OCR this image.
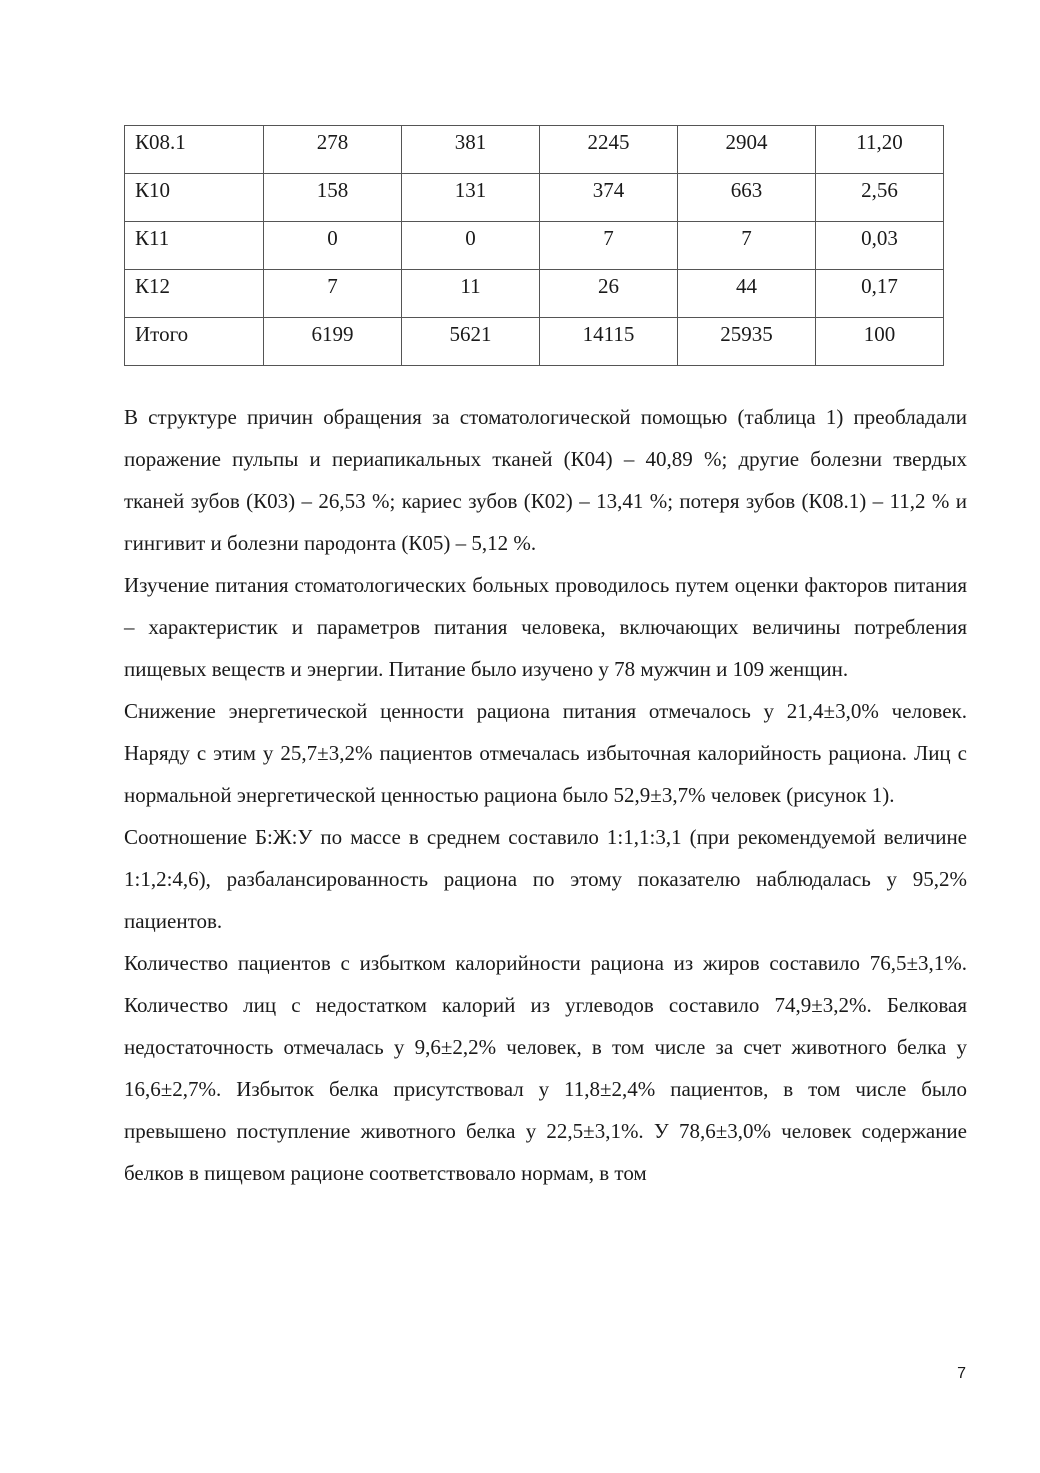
К08.1	278	381	2245	2904	11,20
К10	158	131	374	663	2,56
К11	0	0	7	7	0,03
К12	7	11	26	44	0,17
Итого	6199	5621	14115	25935	100

В структуре причин обращения за стоматологической помощью (таблица 1) преобладали поражение пульпы и периапикальных тканей (К04) – 40,89 %; другие болезни твердых тканей зубов (К03) – 26,53 %; кариес зубов (К02) – 13,41 %; потеря зубов (К08.1) – 11,2 % и гингивит и болезни пародонта (К05) – 5,12 %.

Изучение питания стоматологических больных проводилось путем оценки факторов питания – характеристик и параметров питания человека, включающих величины потребления пищевых веществ и энергии. Питание было изучено у 78 мужчин и 109 женщин.

Снижение энергетической ценности рациона питания отмечалось у 21,4±3,0% человек. Наряду с этим у 25,7±3,2% пациентов отмечалась избыточная калорийность рациона. Лиц с нормальной энергетической ценностью рациона было 52,9±3,7% человек (рисунок 1).

Соотношение Б:Ж:У по массе в среднем составило 1:1,1:3,1 (при рекомендуемой величине 1:1,2:4,6), разбалансированность рациона по этому показателю наблюдалась у 95,2% пациентов.

Количество пациентов с избытком калорийности рациона из жиров составило 76,5±3,1%. Количество лиц с недостатком калорий из углеводов составило 74,9±3,2%. Белковая недостаточность отмечалась у 9,6±2,2% человек, в том числе за счет животного белка у 16,6±2,7%. Избыток белка присутствовал у 11,8±2,4% пациентов, в том числе было превышено поступление животного белка у 22,5±3,1%. У 78,6±3,0% человек содержание белков в пищевом рационе соответствовало нормам, в том

7
